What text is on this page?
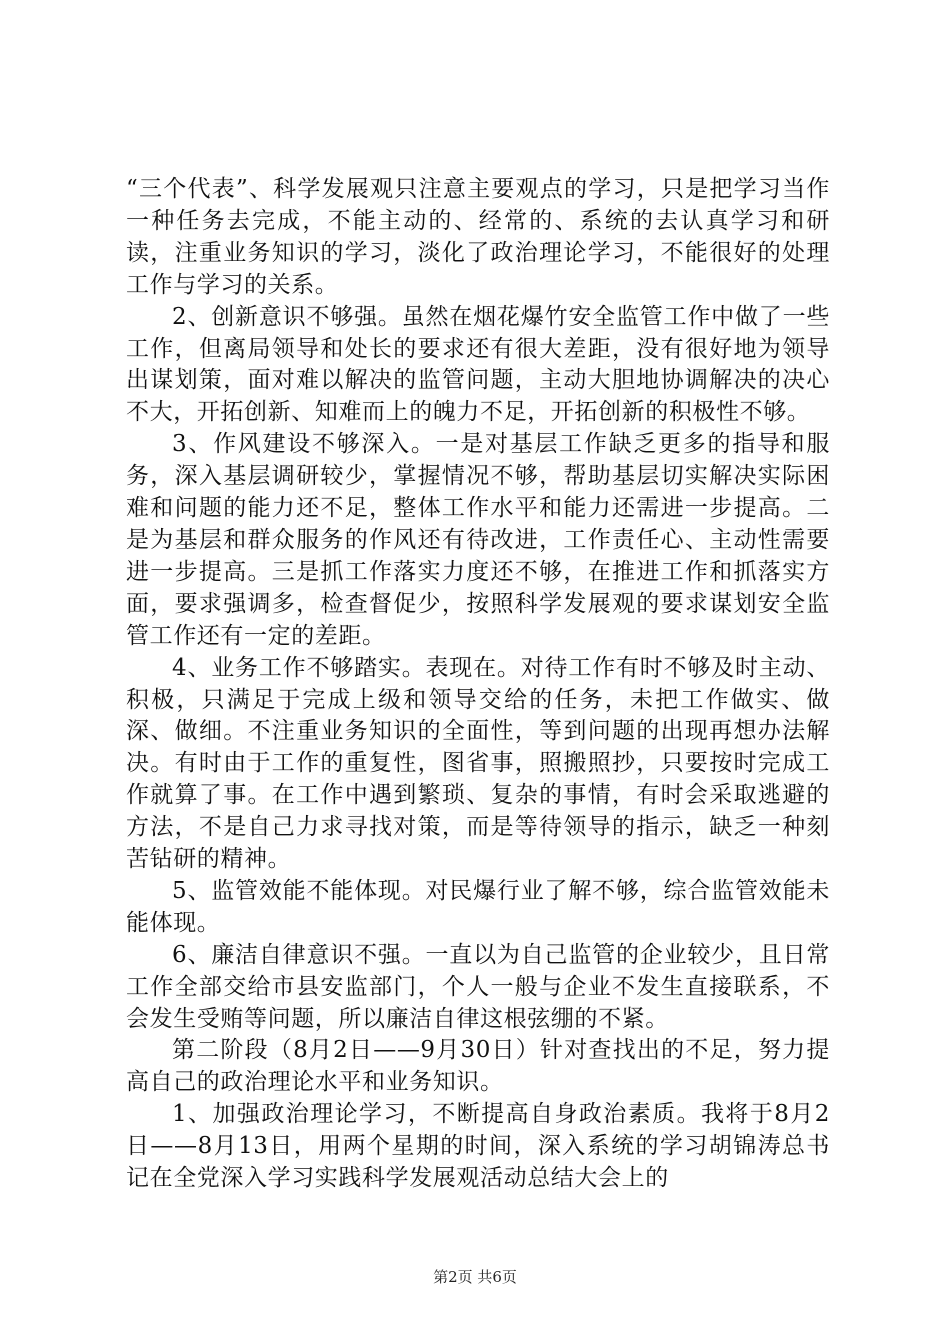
“三个代表”、科学发展观只注意主要观点的学习，只是把学习当作一种任务去完成，不能主动的、经常的、系统的去认真学习和研读，注重业务知识的学习，淡化了政治理论学习，不能很好的处理工作与学习的关系。

2、创新意识不够强。虽然在烟花爆竹安全监管工作中做了一些工作，但离局领导和处长的要求还有很大差距，没有很好地为领导出谋划策，面对难以解决的监管问题，主动大胆地协调解决的决心不大，开拓创新、知难而上的魄力不足，开拓创新的积极性不够。

3、作风建设不够深入。一是对基层工作缺乏更多的指导和服务，深入基层调研较少，掌握情况不够，帮助基层切实解决实际困难和问题的能力还不足，整体工作水平和能力还需进一步提高。二是为基层和群众服务的作风还有待改进，工作责任心、主动性需要进一步提高。三是抓工作落实力度还不够，在推进工作和抓落实方面，要求强调多，检查督促少，按照科学发展观的要求谋划安全监管工作还有一定的差距。

4、业务工作不够踏实。表现在。对待工作有时不够及时主动、积极，只满足于完成上级和领导交给的任务，未把工作做实、做深、做细。不注重业务知识的全面性，等到问题的出现再想办法解决。有时由于工作的重复性，图省事，照搬照抄，只要按时完成工作就算了事。在工作中遇到繁琐、复杂的事情，有时会采取逃避的方法，不是自己力求寻找对策，而是等待领导的指示，缺乏一种刻苦钻研的精神。

5、监管效能不能体现。对民爆行业了解不够，综合监管效能未能体现。

6、廉洁自律意识不强。一直以为自己监管的企业较少，且日常工作全部交给市县安监部门，个人一般与企业不发生直接联系，不会发生受贿等问题，所以廉洁自律这根弦绷的不紧。

第二阶段（8月2日——9月30日）针对查找出的不足，努力提高自己的政治理论水平和业务知识。

1、加强政治理论学习，不断提高自身政治素质。我将于8月2日——8月13日，用两个星期的时间，深入系统的学习胡锦涛总书记在全党深入学习实践科学发展观活动总结大会上的

第2页 共6页
